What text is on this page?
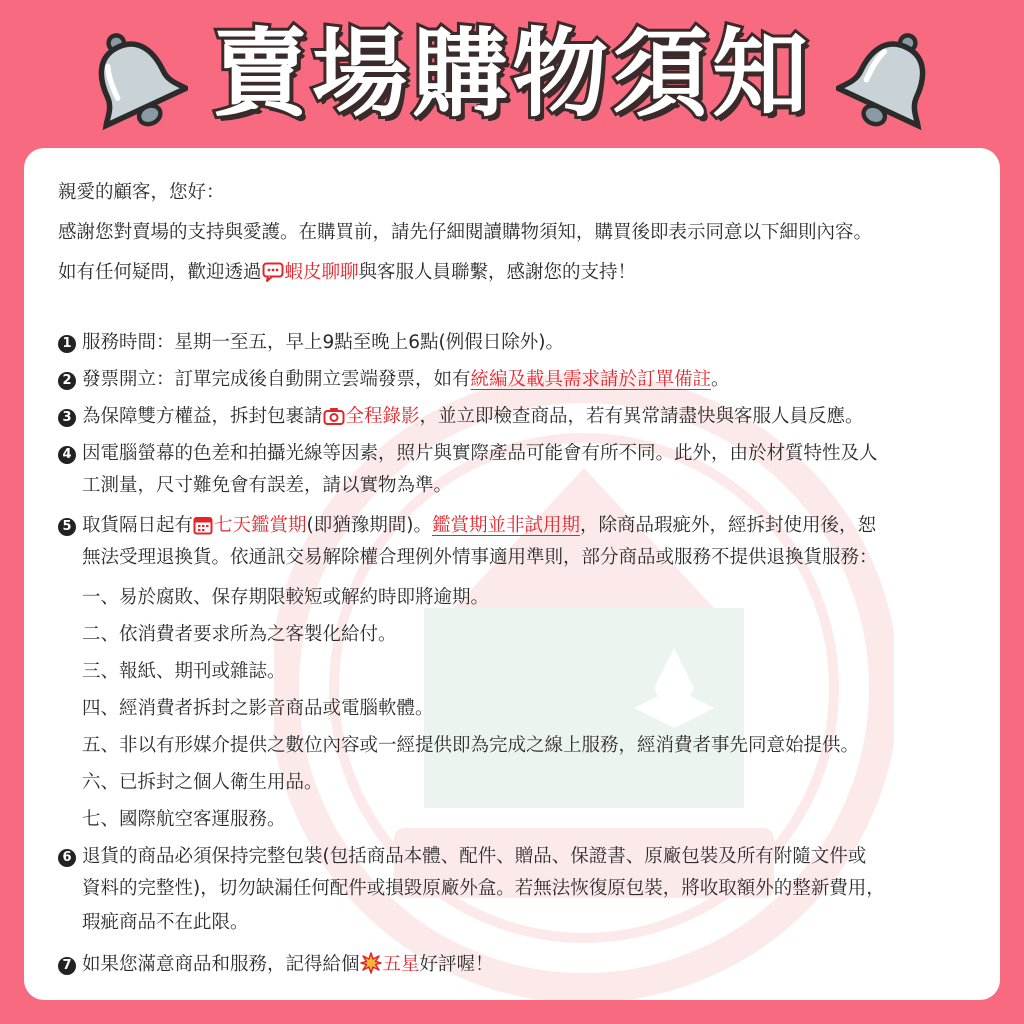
賣場購物須知
親愛的顧客，您好：
感謝您對賣場的支持與愛護。在購買前，請先仔細閱讀購物須知，購買後即表示同意以下細則內容。
如有任何疑問，歡迎透過 蝦皮聊聊與客服人員聯繫，感謝您的支持！
1 服務時間：星期一至五，早上9點至晚上6點(例假日除外)。
2 發票開立：訂單完成後自動開立雲端發票，如有統編及載具需求請於訂單備註。
3 為保障雙方權益，拆封包裹請 全程錄影，並立即檢查商品，若有異常請盡快與客服人員反應。
4 因電腦螢幕的色差和拍攝光線等因素，照片與實際產品可能會有所不同。此外，由於材質特性及人
工測量，尺寸難免會有誤差，請以實物為準。
5 取貨隔日起有 七天鑑賞期(即猶豫期間)。鑑賞期並非試用期，除商品瑕疵外，經拆封使用後，恕
無法受理退換貨。依通訊交易解除權合理例外情事適用準則，部分商品或服務不提供退換貨服務：
一、易於腐敗、保存期限較短或解約時即將逾期。
二、依消費者要求所為之客製化給付。
三、報紙、期刊或雜誌。
四、經消費者拆封之影音商品或電腦軟體。
五、非以有形媒介提供之數位內容或一經提供即為完成之線上服務，經消費者事先同意始提供。
六、已拆封之個人衛生用品。
七、國際航空客運服務。
6 退貨的商品必須保持完整包裝(包括商品本體、配件、贈品、保證書、原廠包裝及所有附隨文件或
資料的完整性)，切勿缺漏任何配件或損毀原廠外盒。若無法恢復原包裝，將收取額外的整新費用，
瑕疵商品不在此限。
7 如果您滿意商品和服務，記得給個 五星好評喔！
